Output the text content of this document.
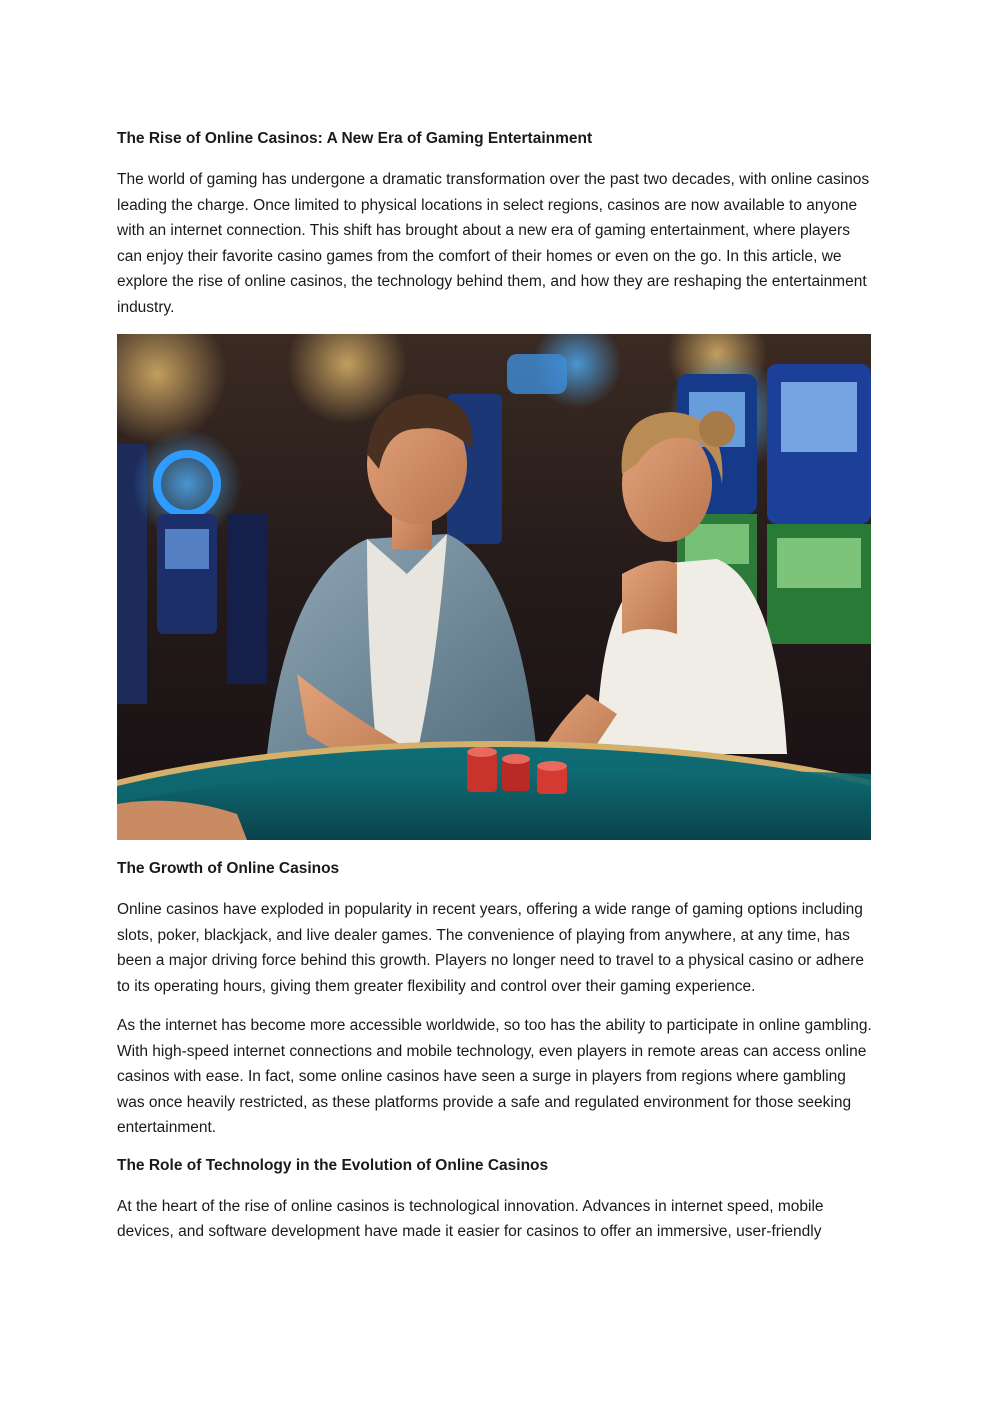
The Rise of Online Casinos: A New Era of Gaming Entertainment

The world of gaming has undergone a dramatic transformation over the past two decades, with online casinos leading the charge. Once limited to physical locations in select regions, casinos are now available to anyone with an internet connection. This shift has brought about a new era of gaming entertainment, where players can enjoy their favorite casino games from the comfort of their homes or even on the go. In this article, we explore the rise of online casinos, the technology behind them, and how they are reshaping the entertainment industry.

The Growth of Online Casinos

Online casinos have exploded in popularity in recent years, offering a wide range of gaming options including slots, poker, blackjack, and live dealer games. The convenience of playing from anywhere, at any time, has been a major driving force behind this growth. Players no longer need to travel to a physical casino or adhere to its operating hours, giving them greater flexibility and control over their gaming experience.

As the internet has become more accessible worldwide, so too has the ability to participate in online gambling. With high-speed internet connections and mobile technology, even players in remote areas can access online casinos with ease. In fact, some online casinos have seen a surge in players from regions where gambling was once heavily restricted, as these platforms provide a safe and regulated environment for those seeking entertainment.

The Role of Technology in the Evolution of Online Casinos

At the heart of the rise of online casinos is technological innovation. Advances in internet speed, mobile devices, and software development have made it easier for casinos to offer an immersive, user-friendly
